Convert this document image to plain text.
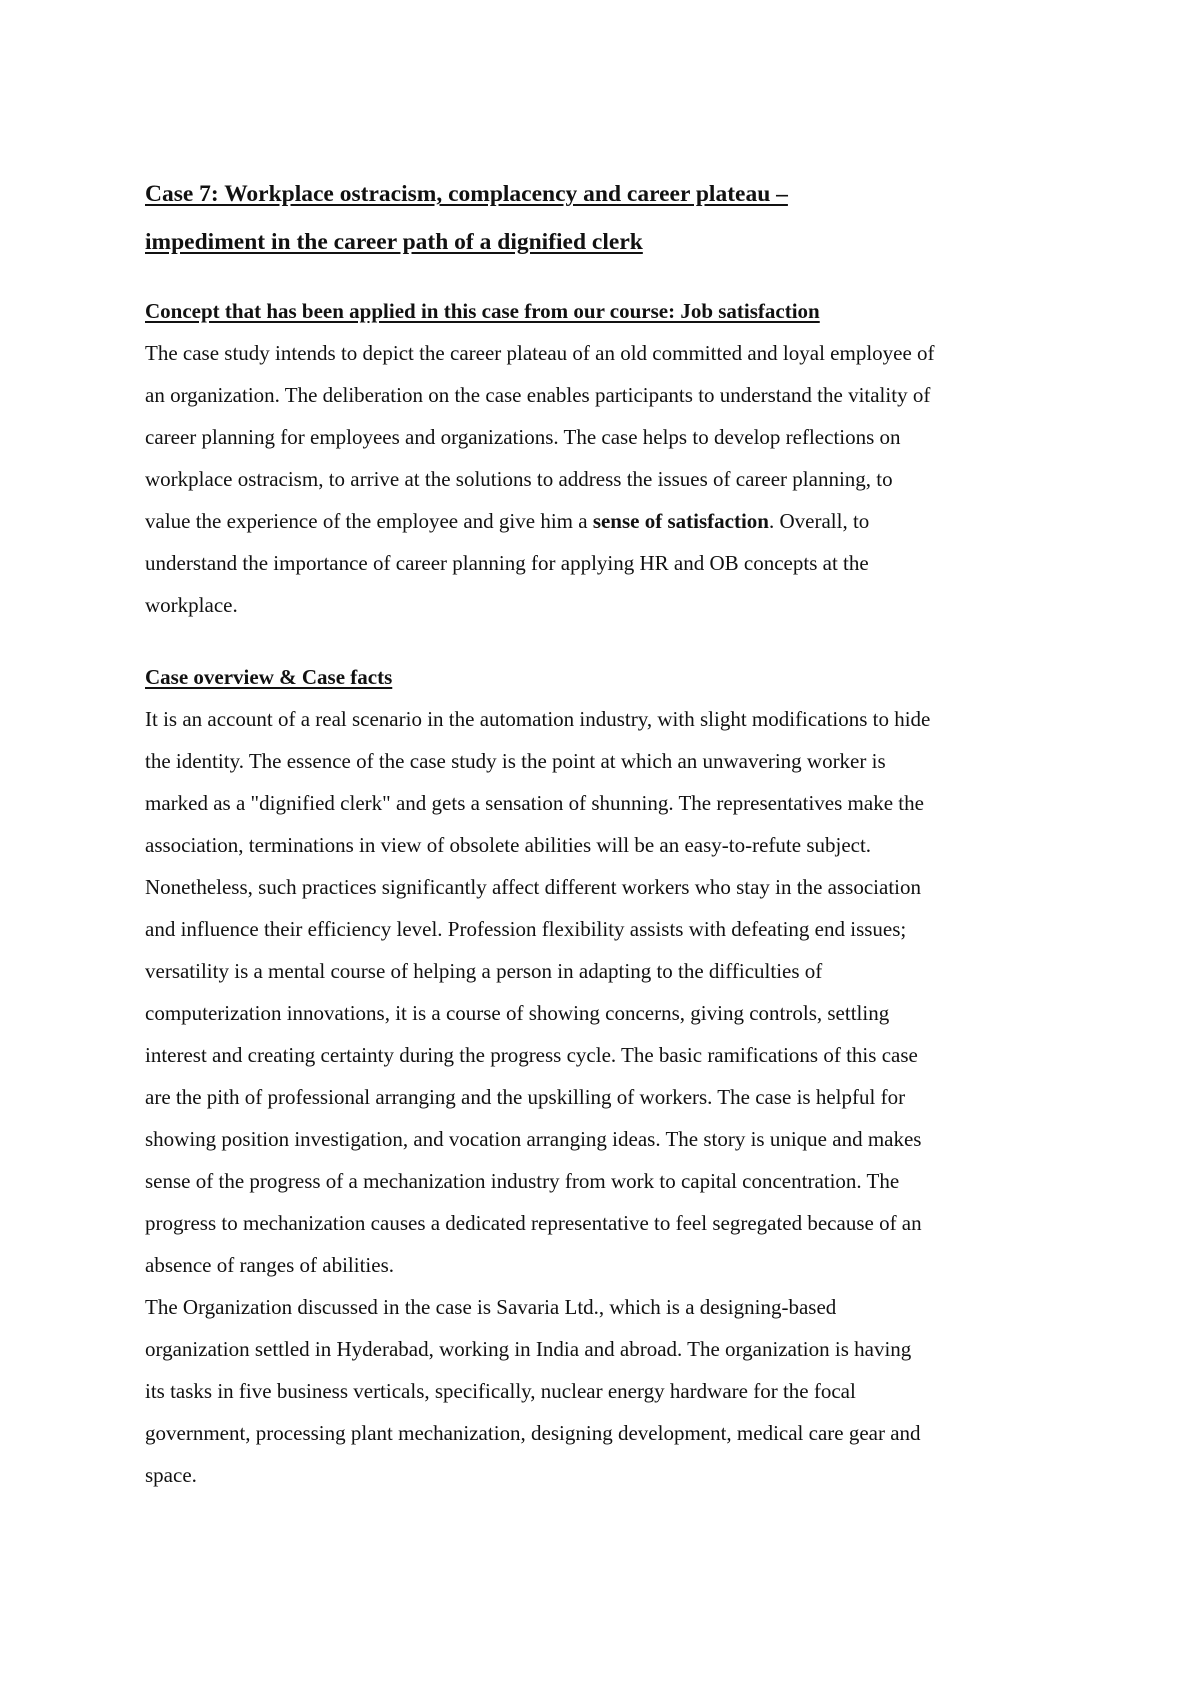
Case 7: Workplace ostracism, complacency and career plateau –
impediment in the career path of a dignified clerk
Concept that has been applied in this case from our course: Job satisfaction
The case study intends to depict the career plateau of an old committed and loyal employee of
an organization. The deliberation on the case enables participants to understand the vitality of
career planning for employees and organizations. The case helps to develop reflections on
workplace ostracism, to arrive at the solutions to address the issues of career planning, to
value the experience of the employee and give him a sense of satisfaction. Overall, to
understand the importance of career planning for applying HR and OB concepts at the
workplace.
Case overview & Case facts
It is an account of a real scenario in the automation industry, with slight modifications to hide
the identity. The essence of the case study is the point at which an unwavering worker is
marked as a "dignified clerk" and gets a sensation of shunning. The representatives make the
association, terminations in view of obsolete abilities will be an easy-to-refute subject.
Nonetheless, such practices significantly affect different workers who stay in the association
and influence their efficiency level. Profession flexibility assists with defeating end issues;
versatility is a mental course of helping a person in adapting to the difficulties of
computerization innovations, it is a course of showing concerns, giving controls, settling
interest and creating certainty during the progress cycle. The basic ramifications of this case
are the pith of professional arranging and the upskilling of workers. The case is helpful for
showing position investigation, and vocation arranging ideas. The story is unique and makes
sense of the progress of a mechanization industry from work to capital concentration. The
progress to mechanization causes a dedicated representative to feel segregated because of an
absence of ranges of abilities.
The Organization discussed in the case is Savaria Ltd., which is a designing-based
organization settled in Hyderabad, working in India and abroad. The organization is having
its tasks in five business verticals, specifically, nuclear energy hardware for the focal
government, processing plant mechanization, designing development, medical care gear and
space.
